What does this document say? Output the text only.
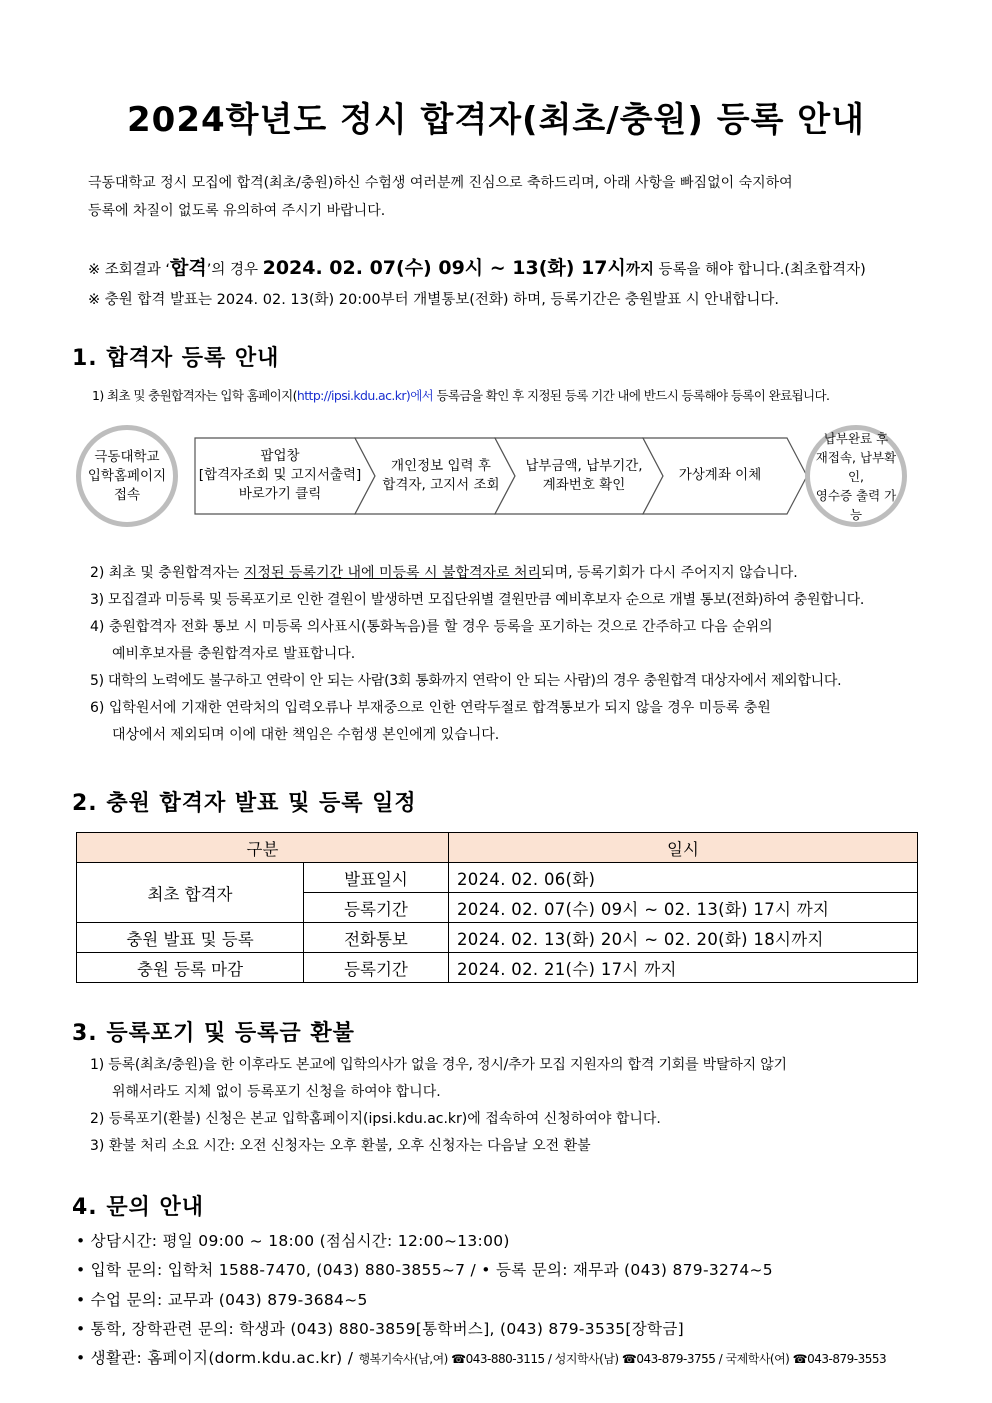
2024학년도 정시 합격자(최초/충원) 등록 안내
극동대학교 정시 모집에 합격(최초/충원)하신 수험생 여러분께 진심으로 축하드리며, 아래 사항을 빠짐없이 숙지하여
등록에 차질이 없도록 유의하여 주시기 바랍니다.
※ 조회결과 ‘합격’의 경우 2024. 02. 07(수) 09시 ~ 13(화) 17시까지 등록을 해야 합니다.(최초합격자)
※ 충원 합격 발표는 2024. 02. 13(화) 20:00부터 개별통보(전화) 하며, 등록기간은 충원발표 시 안내합니다.
1. 합격자 등록 안내
1) 최초 및 충원합격자는 입학 홈페이지(http://ipsi.kdu.ac.kr)에서 등록금을 확인 후 지정된 등록 기간 내에 반드시 등록해야 등록이 완료됩니다.
극동대학교
입학홈페이지
접속
팝업창
[합격자조회 및 고지서출력]
바로가기 클릭
개인정보 입력 후
합격자, 고지서 조회
납부금액, 납부기간,
계좌번호 확인
가상계좌 이체
납부완료 후
재접속, 납부확인,
영수증 출력 가능
2) 최초 및 충원합격자는 지정된 등록기간 내에 미등록 시 불합격자로 처리되며, 등록기회가 다시 주어지지 않습니다.
3) 모집결과 미등록 및 등록포기로 인한 결원이 발생하면 모집단위별 결원만큼 예비후보자 순으로 개별 통보(전화)하여 충원합니다.
4) 충원합격자 전화 통보 시 미등록 의사표시(통화녹음)를 할 경우 등록을 포기하는 것으로 간주하고 다음 순위의
예비후보자를 충원합격자로 발표합니다.
5) 대학의 노력에도 불구하고 연락이 안 되는 사람(3회 통화까지 연락이 안 되는 사람)의 경우 충원합격 대상자에서 제외합니다.
6) 입학원서에 기재한 연락처의 입력오류나 부재중으로 인한 연락두절로 합격통보가 되지 않을 경우 미등록 충원
대상에서 제외되며 이에 대한 책임은 수험생 본인에게 있습니다.
2. 충원 합격자 발표 및 등록 일정
구분		일시
최초 합격자	발표일시	2024. 02. 06(화)
	등록기간	2024. 02. 07(수) 09시 ~ 02. 13(화) 17시 까지
충원 발표 및 등록	전화통보	2024. 02. 13(화) 20시 ~ 02. 20(화) 18시까지
충원 등록 마감	등록기간	2024. 02. 21(수) 17시 까지
3. 등록포기 및 등록금 환불
1) 등록(최초/충원)을 한 이후라도 본교에 입학의사가 없을 경우, 정시/추가 모집 지원자의 합격 기회를 박탈하지 않기
위해서라도 지체 없이 등록포기 신청을 하여야 합니다.
2) 등록포기(환불) 신청은 본교 입학홈페이지(ipsi.kdu.ac.kr)에 접속하여 신청하여야 합니다.
3) 환불 처리 소요 시간: 오전 신청자는 오후 환불, 오후 신청자는 다음날 오전 환불
4. 문의 안내
• 상담시간: 평일 09:00 ~ 18:00 (점심시간: 12:00~13:00)
• 입학 문의: 입학처 1588-7470, (043) 880-3855~7 / • 등록 문의: 재무과 (043) 879-3274~5
• 수업 문의: 교무과 (043) 879-3684~5
• 통학, 장학관련 문의: 학생과 (043) 880-3859[통학버스], (043) 879-3535[장학금]
• 생활관: 홈페이지(dorm.kdu.ac.kr) / 행복기숙사(남,여) ☎043-880-3115 / 성지학사(남) ☎043-879-3755 / 국제학사(여) ☎043-879-3553
